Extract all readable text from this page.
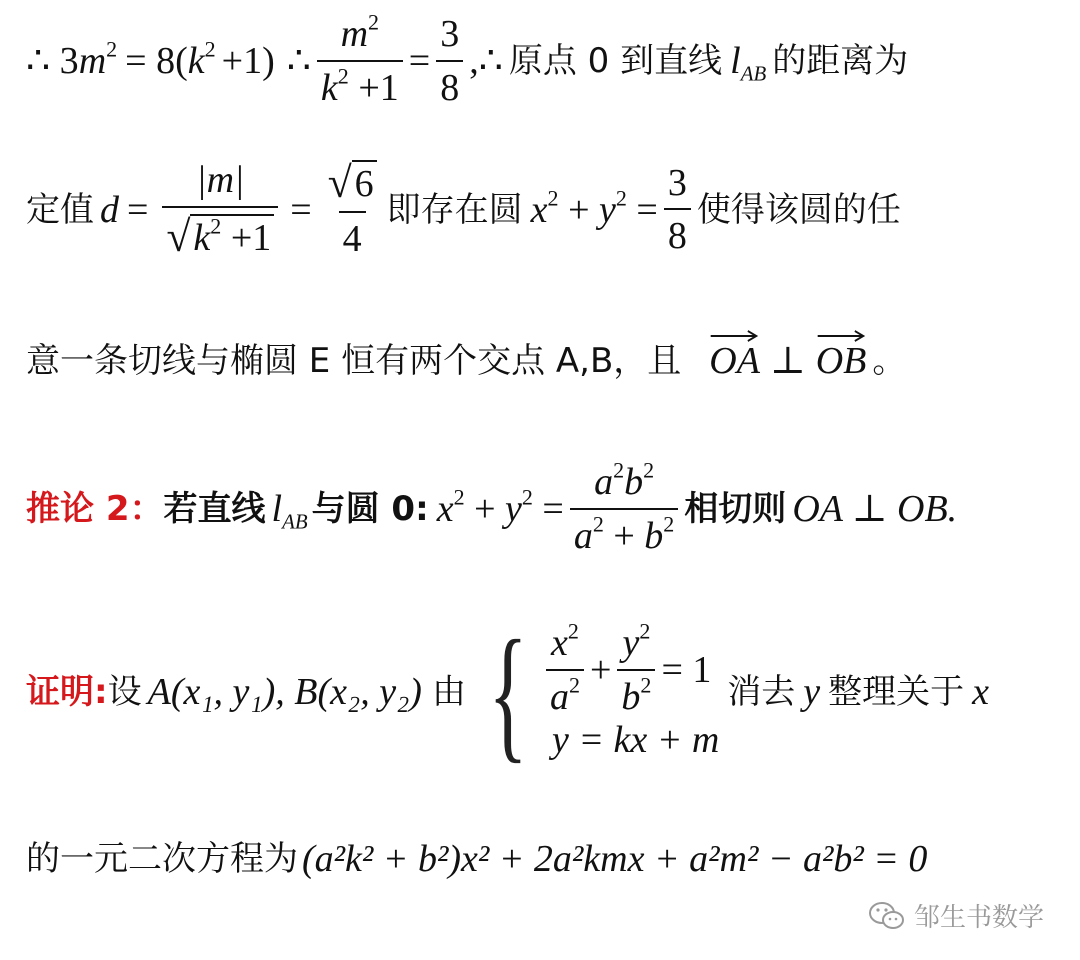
∴ 3 $m^2 = 8$( $k^2 +1$) ∴ $\frac{m^2}{k^2 +1} = \frac{3}{8}$ ,∴ 原点 0 到直线 $l_{AB}$ 的距离为
定值 $d = \frac{|m|}{√ k^2 +1} = \frac{√ 6}{4}$ 即存在圆 $x^2 + y^2 = \frac{3}{8}$ 使得该圆的任
意一条切线与椭圆 E 恒有两个交点 A,B，且 OA ⊥ OB 。
推论 2： 若直线 $l_{AB}$ 与圆 0: $x^2 + y^2 = \frac{a^2b^2}{a^2 + b^2}$ 相切则 OA ⊥ OB.
证明: 设 A(x₁, y₁), B(x₂, y₂) 由 { $\frac{x^2}{a^2} + \frac{y^2}{b^2} = 1$
y = kx + m
消去 y 整理关于 x
的一元二次方程为 (a²k² + b²)x² + 2a²kmx + a²m² − a²b² = 0
邹生书数学
